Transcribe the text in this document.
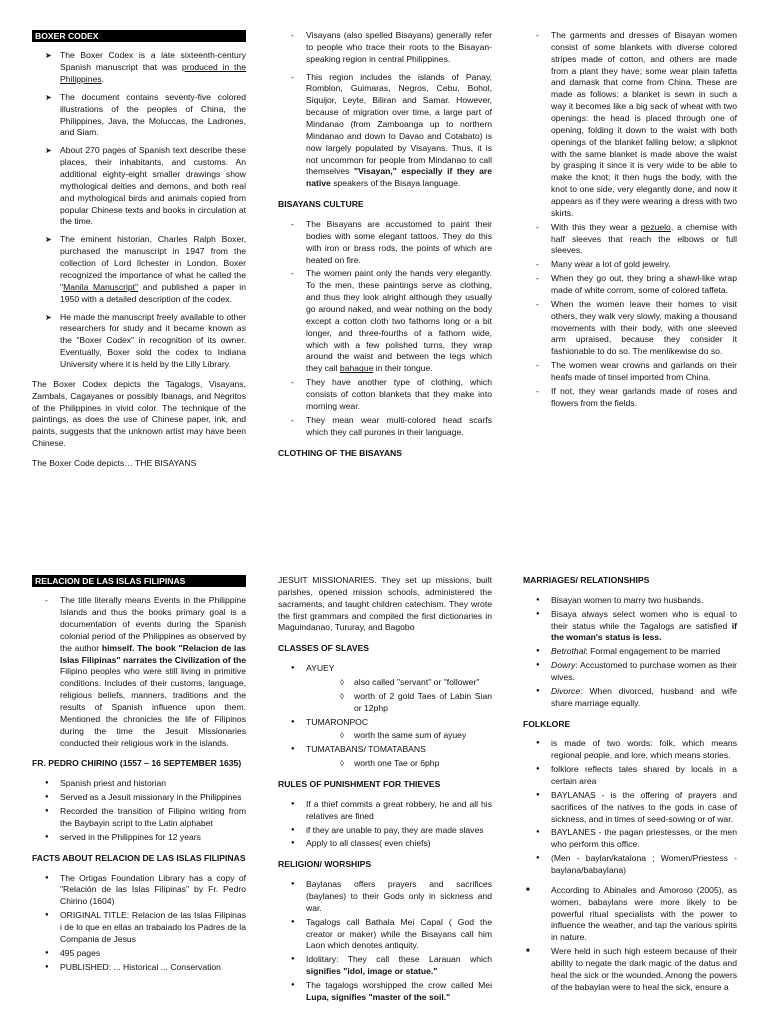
BOXER CODEX
➤ The Boxer Codex is a late sixteenth-century Spanish manuscript that was produced in the Philippines.
➤ The document contains seventy-five colored illustrations of the peoples of China, the Philippines, Java, the Moluccas, the Ladrones, and Siam.
➤ About 270 pages of Spanish text describe these places, their inhabitants, and customs. An additional eighty-eight smaller drawings show mythological deities and demons, and both real and mythological birds and animals copied from popular Chinese texts and books in circulation at the time.
➤ The eminent historian, Charles Ralph Boxer, purchased the manuscript in 1947 from the collection of Lord Ilchester in London. Boxer recognized the importance of what he called the "Manila Manuscript" and published a paper in 1950 with a detailed description of the codex.
➤ He made the manuscript freely available to other researchers for study and it became known as the "Boxer Codex" in recognition of its owner. Eventually, Boxer sold the codex to Indiana University where it is held by the Lilly Library.

The Boxer Codex depicts the Tagalogs, Visayans, Zambals, Cagayanes or possibly Ibanags, and Negritos of the Philippines in vivid color. The technique of the paintings, as does the use of Chinese paper, ink, and paints, suggests that the unknown artist may have been Chinese.

The Boxer Code depicts… THE BISAYANS

- Visayans (also spelled Bisayans) generally refer to people who trace their roots to the Bisayan-speaking region in central Philippines.
- This region includes the islands of Panay, Romblon, Guimaras, Negros, Cebu, Bohol, Siquijor, Leyte, Biliran and Samar. However, because of migration over time, a large part of Mindanao (from Zamboanga up to northern Mindanao and down to Davao and Cotabato) is now largely populated by Visayans. Thus, it is not uncommon for people from Mindanao to call themselves "Visayan," especially if they are native speakers of the Bisaya language.
BISAYANS CULTURE
- The Bisayans are accustomed to paint their bodies with some elegant tattoos. They do this with iron or brass rods, the points of which are heated on fire.
- The women paint only the hands very elegantly. To the men, these paintings serve as clothing, and thus they look alright although they usually go around naked, and wear nothing on the body except a cotton cloth two fathorns long or a bit longer, and three-fourths of a fathorn wide, which with a few polished turns, they wrap around the waist and between the legs which they call bahaque in their tongue.
- They have another type of clothing, which consists of cotton blankets that they make into morning wear.
- They mean wear multi-colored head scarfs which they call purones in their language.
CLOTHING OF THE BISAYANS
- The garments and dresses of Bisayan women consist of some blankets with diverse colored stripes made of cotton, and others are made from a plant they have; some wear plain tafetta and damask that come from China. These are made as follows: a blanket is sewn in such a way it becomes like a big sack of wheat with two openings: the head is placed through one of opening, folding it down to the waist with both openings of the blanket falling below; a slipknot with the same blanket is made above the waist by grasping it since it is very wide to be able to make the knot; it then hugs the body, with the knot to one side, very elegantly done, and now it appears as if they were wearing a dress with two skirts.
- With this they wear a pezuelo, a chemise with half sleeves that reach the elbows or full sleeves.
- Many wear a lot of gold jewelry.
- When they go out, they bring a shawl-like wrap made of white corrom, some of colored taffeta.
- When the women leave their homes to visit others, they walk very slowly, making a thousand movements with their body, with one sleeved arm upraised, because they consider it fashionable to do so. The menlikewise do so.
- The women wear crowns and garlands on their heafs made of tinsel imported from China.
- If not, they wear garlands made of roses and flowers from the fields.
RELACION DE LAS ISLAS FILIPINAS
- The title literally means Events in the Philippine Islands and thus the books primary goal is a documentation of events during the Spanish colonial period of the Philippines as observed by the author himself. The book "Relacion de las Islas Filipinas" narrates the Civilization of the Filipino peoples who were still living in primitive conditions. Includes of their customs, language, religious beliefs, manners, traditions and the results of Spanish influence upon them. Mentioned the chronicles the life of Filipinos during the time the Jesuit Missionaries conducted their religious work in the islands.
FR. PEDRO CHIRINO (1557 – 16 SEPTEMBER 1635)
● Spanish priest and historian
● Served as a Jesuit missionary in the Philippines
● Recorded the transition of Filipino writing from the Baybayin script to the Latin alphabet
● served in the Philippines for 12 years
FACTS ABOUT RELACION DE LAS ISLAS FILIPINAS
● The Ortigas Foundation Library has a copy of "Relación de las Islas Filipinas" by Fr. Pedro Chirino (1604)
● ORIGINAL TITLE: Relacion de las Islas Filipinas i de lo que en ellas an trabaiado los Padres de la Compania de Jesus
● 495 pages
● PUBLISHED: ... Historical ... Conservation

JESUIT MISSIONARIES. They set up missions, built parishes, opened mission schools, administered the sacraments, and taught children catechism. They wrote the first grammars and compiled the first dictionaries in Maguindanao, Tururay, and Bagobo

CLASSES OF SLAVES
● AYUEY
◊ also called "servant" or "follower"
◊ worth of 2 gold Taes of Labin Sian or 12php
● TUMARONPOC
◊ worth the same sum of ayuey
● TUMATABANS/ TOMATABANS
◊ worth one Tae or 6php
RULES OF PUNISHMENT FOR THIEVES
● If a thief commits a great robbery, he and all his relatives are fined
● if they are unable to pay, they are made slaves
● Apply to all classes( even chiefs)
RELIGION/ WORSHIPS
● Baylanas offers prayers and sacrifices (baylanes) to their Gods only in sickness and war.
● Tagalogs call Bathala Mei Capal ( God the creator or maker) while the Bisayans call him Laon which denotes antiquity.
● Idolitary: They call these Larauan which signifies "idol, image or statue."
● The tagalogs worshipped the crow called Mei Lupa, signifies "master of the soil."
MARRIAGES/ RELATIONSHIPS
● Bisayan women to marry two husbands.
● Bisaya always select women who is equal to their status while the Tagalogs are satisfied if the woman's status is less.
● Betrothal: Formal engagement to be married
● Dowry: Accustomed to purchase women as their wives.
● Divorce: When divorced, husband and wife share marriage equally.
FOLKLORE
● is made of two words: folk, which means regional people, and lore, which means stories.
● folklore reflects tales shared by locals in a certain area
● BAYLANAS - is the offering of prayers and sacrifices of the natives to the gods in case of sickness, and in times of seed-sowing or of war.
● BAYLANES - the pagan priestesses, or the men who perform this office.
● (Men - baylan/katalona ; Women/Priestess - baylana/babaylana)
■ According to Abinales and Amoroso (2005), as women, babaylans were more likely to be powerful ritual specialists with the power to influence the weather, and tap the various spirits in nature.
■ Were held in such high esteem because of their ability to negate the dark magic of the datus and heal the sick or the wounded. Among the powers of the babaylan were to heal the sick, ensure a
